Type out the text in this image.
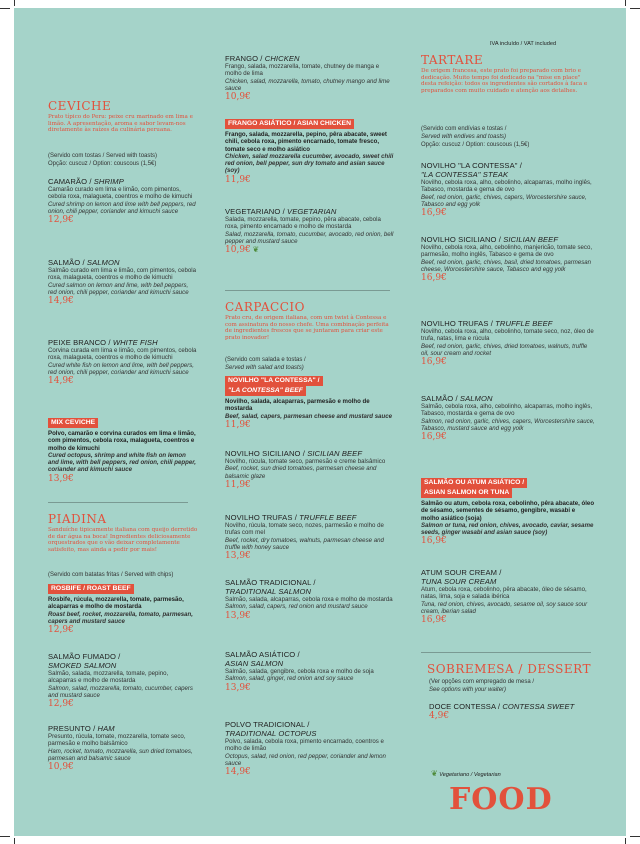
IVA incluído / VAT included
CEVICHE
Prato típico do Peru: peixe cru marinado em lima e limão. A apresentação, aroma e sabor levam-nos diretamente às raízes da culinária peruana.
(Servido com tostas / Served with toasts)
Opção: cuscuz / Option: couscous (1,5€)
CAMARÃO / SHRIMP
Camarão curado em lima e limão, com pimentos, cebola roxa, malagueta, coentros e molho de kimuchi
Cured shrimp on lemon and lime with bell peppers, red onion, chili pepper, coriander and kimuchi sauce
12,9€
SALMÃO / SALMON
Salmão curado em lima e limão, com pimentos, cebola roxa, malagueta, coentros e molho de kimuchi
Cured salmon on lemon and lime, with bell peppers, red onion, chili pepper, coriander and kimuchi sauce
14,9€
PEIXE BRANCO / WHITE FISH
Corvina curada em lima e limão, com pimentos, cebola roxa, malagueta, coentros e molho de kimuchi
Cured white fish on lemon and lime, with bell peppers, red onion, chili pepper, coriander and kimuchi sauce
14,9€
MIX CEVICHE
Polvo, camarão e corvina curados em lima e limão, com pimentos, cebola roxa, malagueta, coentros e molho de kimuchi
Cured octopus, shrimp and white fish on lemon and lime, with bell peppers, red onion, chili pepper, coriander and kimuchi sauce
13,9€
PIADINA
Sanduíche tipicamente italiana com queijo derretido de dar água na boca! Ingredientes deliciosamente orquestrados que o vão deixar completamente satisfeito, mas ainda a pedir por mais!
(Servido com batatas fritas / Served with chips)
ROSBIFE / ROAST BEEF
Rosbife, rúcula, mozzarella, tomate, parmesão, alcaparras e molho de mostarda
Roast beef, rocket, mozzarella, tomato, parmesan, capers and mustard sauce
12,9€
SALMÃO FUMADO /
SMOKED SALMON
Salmão, salada, mozzarella, tomate, pepino, alcaparras e molho de mostarda
Salmon, salad, mozzarella, tomato, cucumber, capers and mustard sauce
12,9€
PRESUNTO / HAM
Presunto, rúcula, tomate, mozzarella, tomate seco, parmesão e molho balsâmico
Ham, rocket, tomato, mozzarella, sun dried tomatoes, parmesan and balsamic sauce
10,9€
FRANGO / CHICKEN
Frango, salada, mozzarella, tomate, chutney de manga e molho de lima
Chicken, salad, mozzarella, tomato, chutney mango and lime sauce
10,9€
FRANGO ASIÁTICO / ASIAN CHICKEN
Frango, salada, mozzarella, pepino, pêra abacate, sweet chili, cebola roxa, pimento encarnado, tomate fresco, tomate seco e molho asiático
Chicken, salad mozzarella cucumber, avocado, sweet chili red onion, bell pepper, sun dry tomato and asian sauce (soy)
11,9€
VEGETARIANO / VEGETARIAN
Salada, mozzarella, tomate, pepino, pêra abacate, cebola roxa, pimento encarnado e molho de mostarda
Salad, mozzarella, tomato, cucumber, avocado, red onion, bell pepper and mustard sauce
10,9€ ❦
CARPACCIO
Prato cru, de origem italiana, com um twist à Contessa e com assinatura do nosso chefe. Uma combinação perfeita de ingredientes frescos que se juntaram para criar este prato inovador!
(Servido com salada e tostas /
Served with salad and toasts)
NOVILHO "LA CONTESSA" /
"LA CONTESSA" BEEF
Novilho, salada, alcaparras, parmesão e molho de mostarda
Beef, salad, capers, parmesan cheese and mustard sauce
11,9€
NOVILHO SICILIANO / SICILIAN BEEF
Novilho, rúcula, tomate seco, parmesão e creme balsâmico
Beef, rocket, sun dried tomatoes, parmesan cheese and balsamic glaze
11,9€
NOVILHO TRUFAS / TRUFFLE BEEF
Novilho, rúcula, tomate seco, nozes, parmesão e molho de trufas com mel
Beef, rocket, dry tomatoes, walnuts, parmesan cheese and truffle with honey sauce
13,9€
SALMÃO TRADICIONAL /
TRADITIONAL SALMON
Salmão, salada, alcaparras, cebola roxa e molho de mostarda
Salmon, salad, capers, red onion and mustard sauce
13,9€
SALMÃO ASIÁTICO /
ASIAN SALMON
Salmão, salada, gengibre, cebola roxa e molho de soja
Salmon, salad, ginger, red onion and soy sauce
13,9€
POLVO TRADICIONAL /
TRADITIONAL OCTOPUS
Polvo, salada, cebola roxa, pimento encarnado, coentros e molho de limão
Octopus, salad, red onion, red pepper, coriander and lemon sauce
14,9€
TARTARE
De origem francesa, este prato foi preparado com brio e dedicação. Muito tempo foi dedicado na "mise en place" desta refeição: todos os ingredientes são cortados à faca e preparados com muito cuidado e atenção aos detalhes.
(Servido com endívias e tostas /
Served with endives and toasts)
Opção: cuscuz / Option: couscous (1,5€)
NOVILHO "LA CONTESSA" /
"LA CONTESSA" STEAK
Novilho, cebola roxa, alho, cebolinho, alcaparras, molho inglês, Tabasco, mostarda e gema de ovo
Beef, red onion, garlic, chives, capers, Worcestershire sauce, Tabasco and egg yolk
16,9€
NOVILHO SICILIANO / SICILIAN BEEF
Novilho, cebola roxa, alho, cebolinho, manjericão, tomate seco, parmesão, molho inglês, Tabasco e gema de ovo
Beef, red onion, garlic, chives, basil, dried tomatoes, parmesan cheese, Worcestershire sauce, Tabasco and egg yolk
16,9€
NOVILHO TRUFAS / TRUFFLE BEEF
Novilho, cebola roxa, alho, cebolinho, tomate seco, noz, óleo de trufa, natas, lima e rúcula
Beef, red onion, garlic, chives, dried tomatoes, walnuts, truffle oil, sour cream and rocket
16,9€
SALMÃO / SALMON
Salmão, cebola roxa, alho, cebolinho, alcaparras, molho inglês, Tabasco, mostarda e gema de ovo
Salmon, red onion, garlic, chives, capers, Worcestershire sauce, Tabasco, mustard sauce and egg yolk
16,9€
SALMÃO OU ATUM ASIÁTICO /
ASIAN SALMON OR TUNA
Salmão ou atum, cebola roxa, cebolinho, pêra abacate, óleo de sésamo, sementes de sésamo, gengibre, wasabi e molho asiático (soja)
Salmon or tuna, red onion, chives, avocado, caviar, sesame seeds, ginger wasabi and asian sauce (soy)
16,9€
ATUM SOUR CREAM /
TUNA SOUR CREAM
Atum, cebola roxa, cebolinho, pêra abacate, óleo de sésamo, natas, lima, soja e salada ibérica
Tuna, red onion, chives, avocado, sesame oil, soy sauce sour cream, iberian salad
16,9€
SOBREMESA / DESSERT
(Ver opções com empregado de mesa /
See options with your waiter)
DOCE CONTESSA / CONTESSA SWEET
4,9€
❦ Vegetariano / Vegetarian
FOOD
